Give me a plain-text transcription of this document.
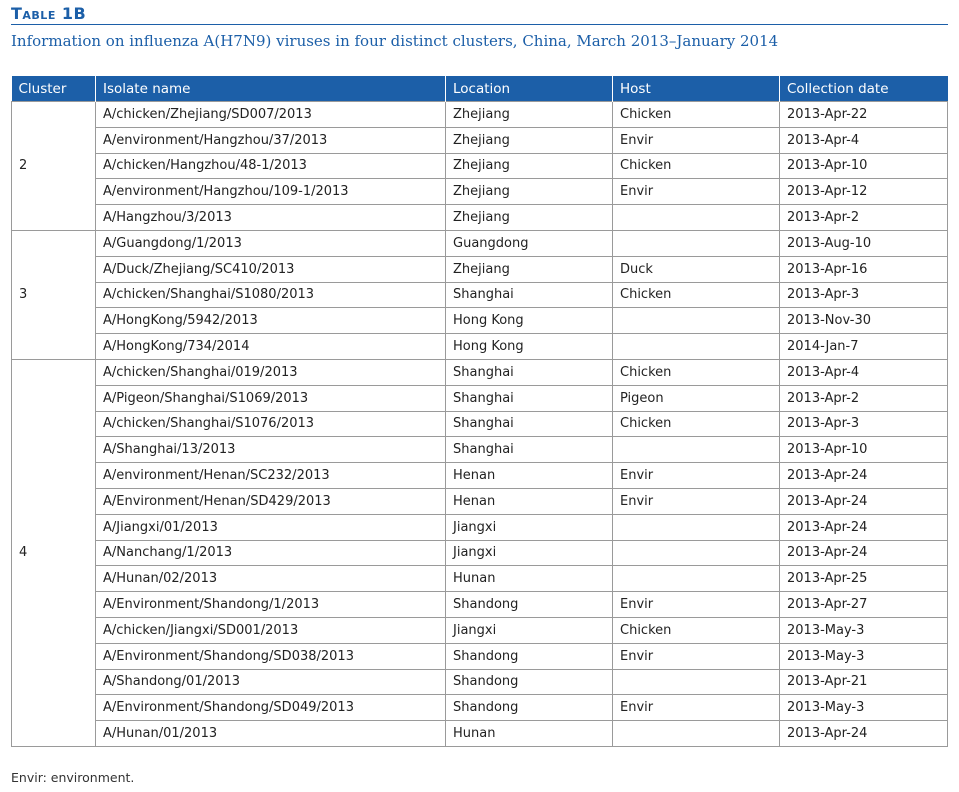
Table 1B

Information on influenza A(H7N9) viruses in four distinct clusters, China, March 2013–January 2014

Cluster	Isolate name	Location	Host	Collection date
2	A/chicken/Zhejiang/SD007/2013	Zhejiang	Chicken	2013-Apr-22
	A/environment/Hangzhou/37/2013	Zhejiang	Envir	2013-Apr-4
	A/chicken/Hangzhou/48-1/2013	Zhejiang	Chicken	2013-Apr-10
	A/environment/Hangzhou/109-1/2013	Zhejiang	Envir	2013-Apr-12
	A/Hangzhou/3/2013	Zhejiang		2013-Apr-2
3	A/Guangdong/1/2013	Guangdong		2013-Aug-10
	A/Duck/Zhejiang/SC410/2013	Zhejiang	Duck	2013-Apr-16
	A/chicken/Shanghai/S1080/2013	Shanghai	Chicken	2013-Apr-3
	A/HongKong/5942/2013	Hong Kong		2013-Nov-30
	A/HongKong/734/2014	Hong Kong		2014-Jan-7
4	A/chicken/Shanghai/019/2013	Shanghai	Chicken	2013-Apr-4
	A/Pigeon/Shanghai/S1069/2013	Shanghai	Pigeon	2013-Apr-2
	A/chicken/Shanghai/S1076/2013	Shanghai	Chicken	2013-Apr-3
	A/Shanghai/13/2013	Shanghai		2013-Apr-10
	A/environment/Henan/SC232/2013	Henan	Envir	2013-Apr-24
	A/Environment/Henan/SD429/2013	Henan	Envir	2013-Apr-24
	A/Jiangxi/01/2013	Jiangxi		2013-Apr-24
	A/Nanchang/1/2013	Jiangxi		2013-Apr-24
	A/Hunan/02/2013	Hunan		2013-Apr-25
	A/Environment/Shandong/1/2013	Shandong	Envir	2013-Apr-27
	A/chicken/Jiangxi/SD001/2013	Jiangxi	Chicken	2013-May-3
	A/Environment/Shandong/SD038/2013	Shandong	Envir	2013-May-3
	A/Shandong/01/2013	Shandong		2013-Apr-21
	A/Environment/Shandong/SD049/2013	Shandong	Envir	2013-May-3
	A/Hunan/01/2013	Hunan		2013-Apr-24

Envir: environment.
